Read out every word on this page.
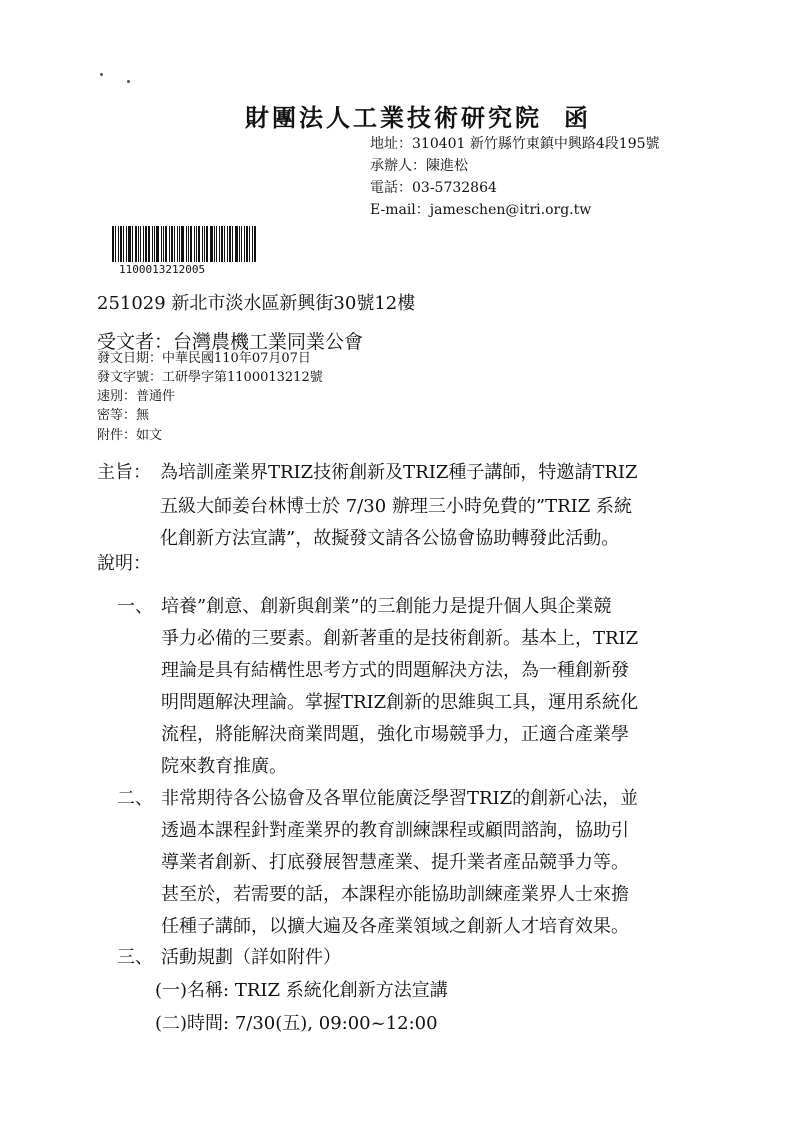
財團法人工業技術研究院 函
地址：310401 新竹縣竹東鎮中興路4段195號
承辦人：陳進松
電話：03-5732864
E-mail：jameschen@itri.org.tw
1100013212005
251029 新北市淡水區新興街30號12樓
受文者：台灣農機工業同業公會
發文日期：中華民國110年07月07日
發文字號：工研學字第1100013212號
速別：普通件
密等：無
附件：如文
主旨： 為培訓產業界TRIZ技術創新及TRIZ種子講師，特邀請TRIZ
五級大師姜台林博士於 7/30 辦理三小時免費的”TRIZ 系統
化創新方法宣講”，故擬發文請各公協會協助轉發此活動。
說明：
一、 培養”創意、創新與創業”的三創能力是提升個人與企業競
爭力必備的三要素。創新著重的是技術創新。基本上，TRIZ
理論是具有結構性思考方式的問題解決方法，為一種創新發
明問題解決理論。掌握TRIZ創新的思維與工具，運用系統化
流程，將能解決商業問題，強化市場競爭力，正適合產業學
院來教育推廣。
二、 非常期待各公協會及各單位能廣泛學習TRIZ的創新心法，並
透過本課程針對產業界的教育訓練課程或顧問諮詢，協助引
導業者創新、打底發展智慧產業、提升業者產品競爭力等。
甚至於，若需要的話，本課程亦能協助訓練產業界人士來擔
任種子講師，以擴大遍及各產業領域之創新人才培育效果。
三、 活動規劃（詳如附件）
(一)名稱: TRIZ 系統化創新方法宣講
(二)時間: 7/30(五), 09:00~12:00
